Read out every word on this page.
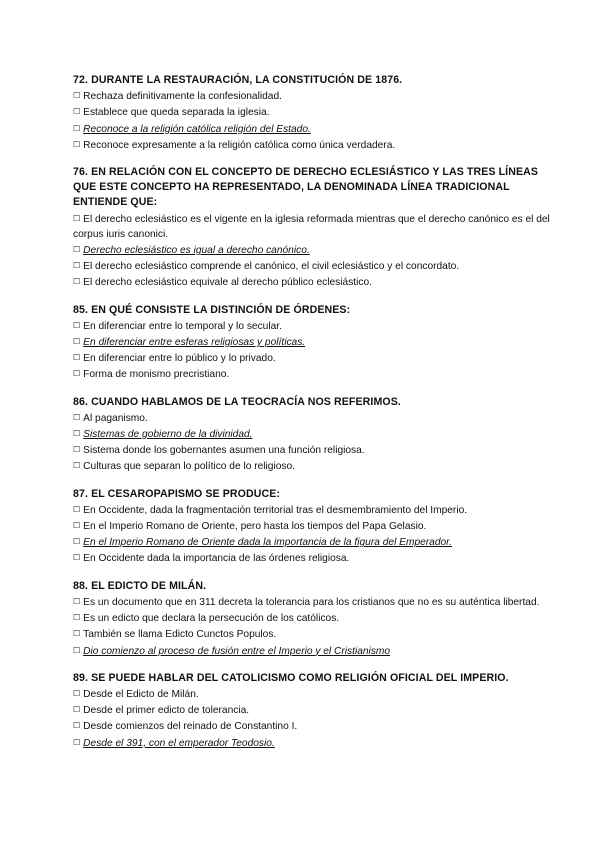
72. DURANTE LA RESTAURACIÓN, LA CONSTITUCIÓN DE 1876.
☐ Rechaza definitivamente la confesionalidad.
☐ Establece que queda separada la iglesia.
☐ Reconoce a la religión católica religión del Estado.
☐ Reconoce expresamente a la religión católica como única verdadera.
76. EN RELACIÓN CON EL CONCEPTO DE DERECHO ECLESIÁSTICO Y LAS TRES LÍNEAS QUE ESTE CONCEPTO HA REPRESENTADO, LA DENOMINADA LÍNEA TRADICIONAL ENTIENDE QUE:
☐ El derecho eclesiástico es el vigente en la iglesia reformada mientras que el derecho canónico es el del corpus iuris canonici.
☐ Derecho eclesiástico es igual a derecho canónico.
☐ El derecho eclesiástico comprende el canónico, el civil eclesiástico y el concordato.
☐ El derecho eclesiástico equivale al derecho público eclesiástico.
85. EN QUÉ CONSISTE LA DISTINCIÓN DE ÓRDENES:
☐ En diferenciar entre lo temporal y lo secular.
☐ En diferenciar entre esferas religiosas y políticas.
☐ En diferenciar entre lo público y lo privado.
☐ Forma de monismo precristiano.
86. CUANDO HABLAMOS DE LA TEOCRACÍA NOS REFERIMOS.
☐ Al paganismo.
☐ Sistemas de gobierno de la divinidad.
☐ Sistema donde los gobernantes asumen una función religiosa.
☐ Culturas que separan lo político de lo religioso.
87. EL CESAROPAPISMO SE PRODUCE:
☐ En Occidente, dada la fragmentación territorial tras el desmembramiento del Imperio.
☐ En el Imperio Romano de Oriente, pero hasta los tiempos del Papa Gelasio.
☐ En el Imperio Romano de Oriente dada la importancia de la figura del Emperador.
☐ En Occidente dada la importancia de las órdenes religiosa.
88. EL EDICTO DE MILÁN.
☐ Es un documento que en 311 decreta la tolerancia para los cristianos que no es su auténtica libertad.
☐ Es un edicto que declara la persecución de los católicos.
☐ También se llama Edicto Cunctos Populos.
☐ Dio comienzo al proceso de fusión entre el Imperio y el Cristianismo
89. SE PUEDE HABLAR DEL CATOLICISMO COMO RELIGIÓN OFICIAL DEL IMPERIO.
☐ Desde el Edicto de Milán.
☐ Desde el primer edicto de tolerancia.
☐ Desde comienzos del reinado de Constantino I.
☐ Desde el 391, con el emperador Teodosio.
